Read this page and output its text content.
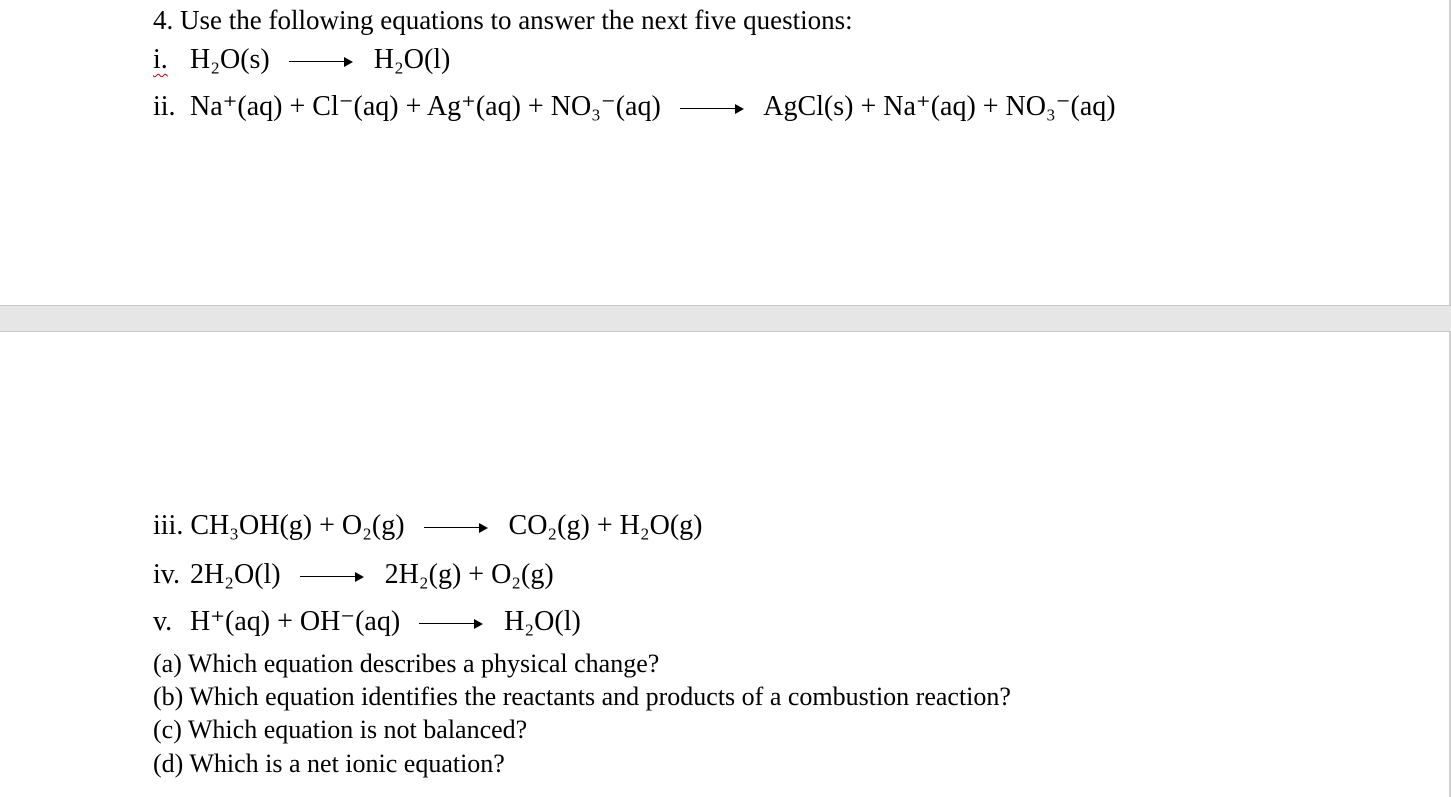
4. Use the following equations to answer the next five questions:
i. H₂O(s)	H₂O(l)
ii. Na⁺(aq) + Cl⁻(aq) + Ag⁺(aq) + NO₃⁻(aq)	AgCl(s) + Na⁺(aq) + NO₃⁻(aq)
iii. CH₃OH(g) + O₂(g)	CO₂(g) + H₂O(g)
iv. 2H₂O(l)	2H₂(g) + O₂(g)
v. H⁺(aq) + OH⁻(aq)	H₂O(l)
(a) Which equation describes a physical change?
(b) Which equation identifies the reactants and products of a combustion reaction?
(c) Which equation is not balanced?
(d) Which is a net ionic equation?
